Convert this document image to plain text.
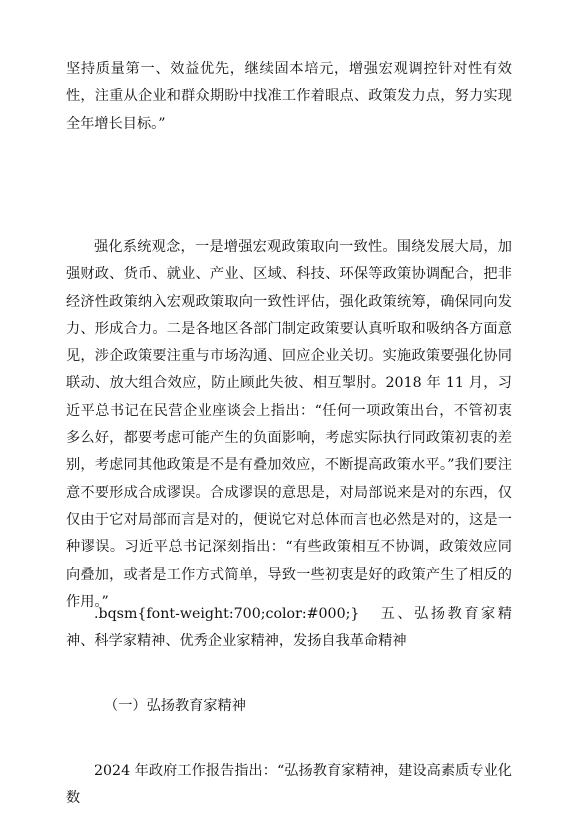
坚持质量第一、效益优先，继续固本培元，增强宏观调控针对性有效性，注重从企业和群众期盼中找准工作着眼点、政策发力点，努力实现全年增长目标。”

强化系统观念，一是增强宏观政策取向一致性。围绕发展大局，加强财政、货币、就业、产业、区域、科技、环保等政策协调配合，把非经济性政策纳入宏观政策取向一致性评估，强化政策统筹，确保同向发力、形成合力。二是各地区各部门制定政策要认真听取和吸纳各方面意见，涉企政策要注重与市场沟通、回应企业关切。实施政策要强化协同联动、放大组合效应，防止顾此失彼、相互掣肘。2018 年 11 月，习近平总书记在民营企业座谈会上指出：“任何一项政策出台，不管初衷多么好，都要考虑可能产生的负面影响，考虑实际执行同政策初衷的差别，考虑同其他政策是不是有叠加效应，不断提高政策水平。”我们要注意不要形成合成谬误。合成谬误的意思是，对局部说来是对的东西，仅仅由于它对局部而言是对的，便说它对总体而言也必然是对的，这是一种谬误。习近平总书记深刻指出：“有些政策相互不协调，政策效应同向叠加，或者是工作方式简单，导致一些初衷是好的政策产生了相反的作用。”

.bqsm{font-weight:700;color:#000;}   五、弘扬教育家精神、科学家精神、优秀企业家精神，发扬自我革命精神

（一）弘扬教育家精神

2024 年政府工作报告指出：“弘扬教育家精神，建设高素质专业化数
